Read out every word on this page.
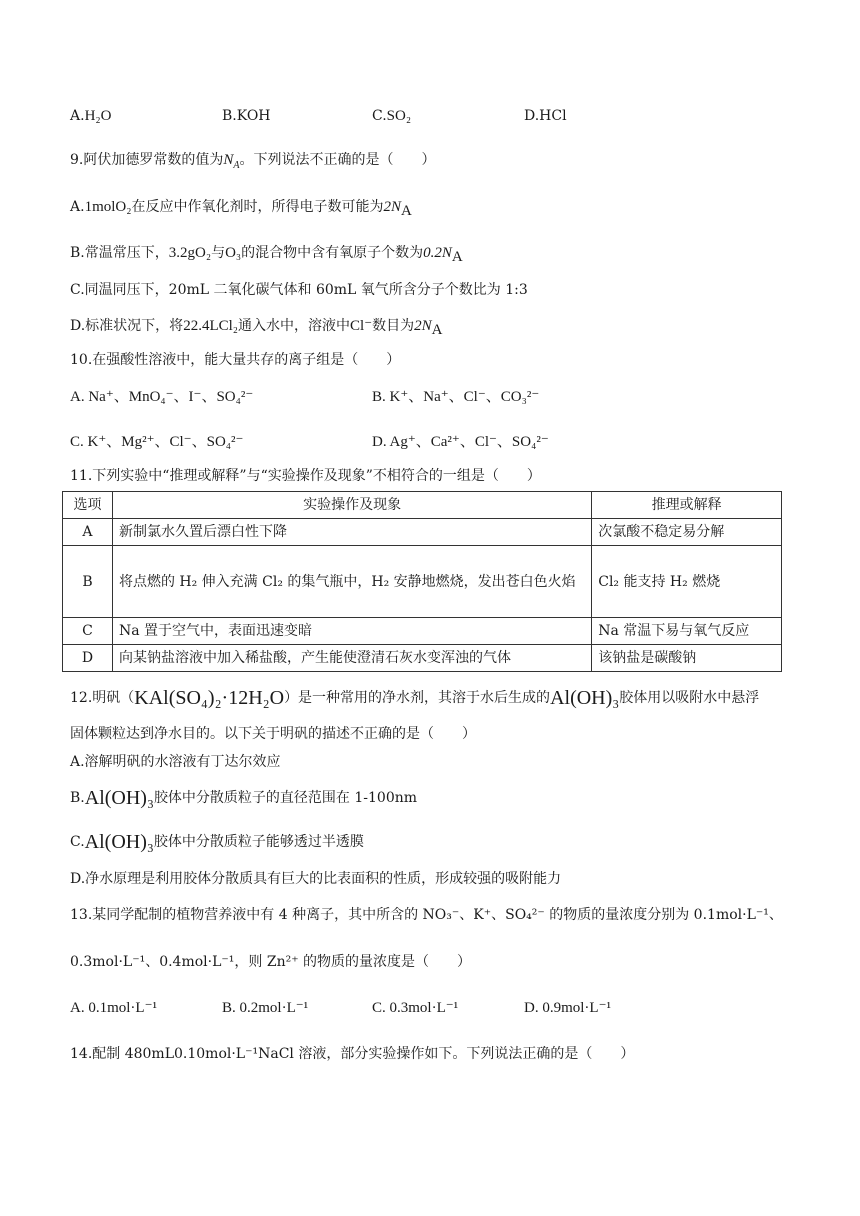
A.H₂O	B.KOH	C.SO₂	D.HCl
9.阿伏加德罗常数的值为$N_A$。下列说法不正确的是（　　）
A.1molO₂在反应中作氧化剂时，所得电子数可能为$2N_A$
B.常温常压下，3.2gO₂与O₃的混合物中含有氧原子个数为$0.2N_A$
C.同温同压下，20mL 二氧化碳气体和 60mL 氧气所含分子个数比为 1:3
D.标准状况下，将22.4LCl₂通入水中，溶液中Cl⁻数目为$2N_A$
10.在强酸性溶液中，能大量共存的离子组是（　　）
A. Na⁺、MnO₄⁻、I⁻、SO₄²⁻	B. K⁺、Na⁺、Cl⁻、CO₃²⁻
C. K⁺、Mg²⁺、Cl⁻、SO₄²⁻	D. Ag⁺、Ca²⁺、Cl⁻、SO₄²⁻
11.下列实验中“推理或解释”与“实验操作及现象”不相符合的一组是（　　）
选项	实验操作及现象	推理或解释
A	新制氯水久置后漂白性下降	次氯酸不稳定易分解
B	将点燃的 H₂ 伸入充满 Cl₂ 的集气瓶中，H₂ 安静地燃烧，发出苍白色火焰	Cl₂ 能支持 H₂ 燃烧
C	Na 置于空气中，表面迅速变暗	Na 常温下易与氧气反应
D	向某钠盐溶液中加入稀盐酸，产生能使澄清石灰水变浑浊的气体	该钠盐是碳酸钠
12.明矾（KAl(SO₄)₂·12H₂O）是一种常用的净水剂，其溶于水后生成的Al(OH)₃胶体用以吸附水中悬浮
固体颗粒达到净水目的。以下关于明矾的描述不正确的是（　　）
A.溶解明矾的水溶液有丁达尔效应
B.Al(OH)₃胶体中分散质粒子的直径范围在 1-100nm
C.Al(OH)₃胶体中分散质粒子能够透过半透膜
D.净水原理是利用胶体分散质具有巨大的比表面积的性质，形成较强的吸附能力
13.某同学配制的植物营养液中有 4 种离子，其中所含的 NO₃⁻、K⁺、SO₄²⁻ 的物质的量浓度分别为 0.1mol·L⁻¹、
0.3mol·L⁻¹、0.4mol·L⁻¹，则 Zn²⁺ 的物质的量浓度是（　　）
A. 0.1mol·L⁻¹	B. 0.2mol·L⁻¹	C. 0.3mol·L⁻¹	D. 0.9mol·L⁻¹
14.配制 480mL0.10mol·L⁻¹NaCl 溶液，部分实验操作如下。下列说法正确的是（　　）
